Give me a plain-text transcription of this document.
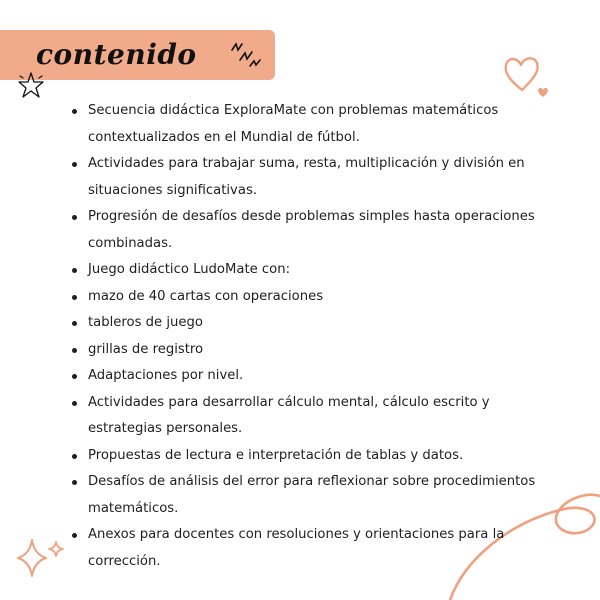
contenido
Secuencia didáctica ExploraMate con problemas matemáticos contextualizados en el Mundial de fútbol.
Actividades para trabajar suma, resta, multiplicación y división en situaciones significativas.
Progresión de desafíos desde problemas simples hasta operaciones combinadas.
Juego didáctico LudoMate con:
mazo de 40 cartas con operaciones
tableros de juego
grillas de registro
Adaptaciones por nivel.
Actividades para desarrollar cálculo mental, cálculo escrito y estrategias personales.
Propuestas de lectura e interpretación de tablas y datos.
Desafíos de análisis del error para reflexionar sobre procedimientos matemáticos.
Anexos para docentes con resoluciones y orientaciones para la corrección.
